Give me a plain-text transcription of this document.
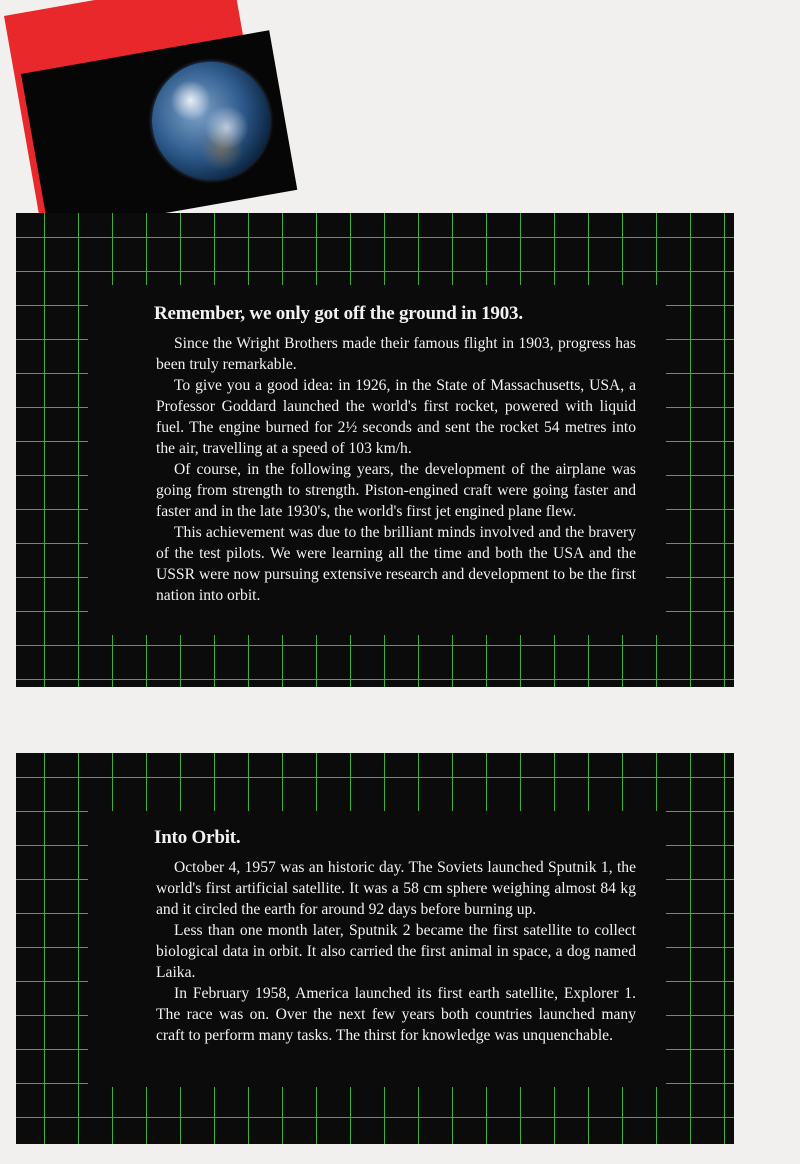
Remember, we only got off the ground in 1903.

Since the Wright Brothers made their famous flight in 1903, progress has been truly remarkable.

To give you a good idea: in 1926, in the State of Massachusetts, USA, a Professor Goddard launched the world's first rocket, powered with liquid fuel. The engine burned for 2½ seconds and sent the rocket 54 metres into the air, travelling at a speed of 103 km/h.

Of course, in the following years, the development of the airplane was going from strength to strength. Piston-engined craft were going faster and faster and in the late 1930's, the world's first jet engined plane flew.

This achievement was due to the brilliant minds involved and the bravery of the test pilots. We were learning all the time and both the USA and the USSR were now pursuing extensive research and development to be the first nation into orbit.

Into Orbit.

October 4, 1957 was an historic day. The Soviets launched Sputnik 1, the world's first artificial satellite. It was a 58 cm sphere weighing almost 84 kg and it circled the earth for around 92 days before burning up.

Less than one month later, Sputnik 2 became the first satellite to collect biological data in orbit. It also carried the first animal in space, a dog named Laika.

In February 1958, America launched its first earth satellite, Explorer 1. The race was on. Over the next few years both countries launched many craft to perform many tasks. The thirst for knowledge was unquenchable.
